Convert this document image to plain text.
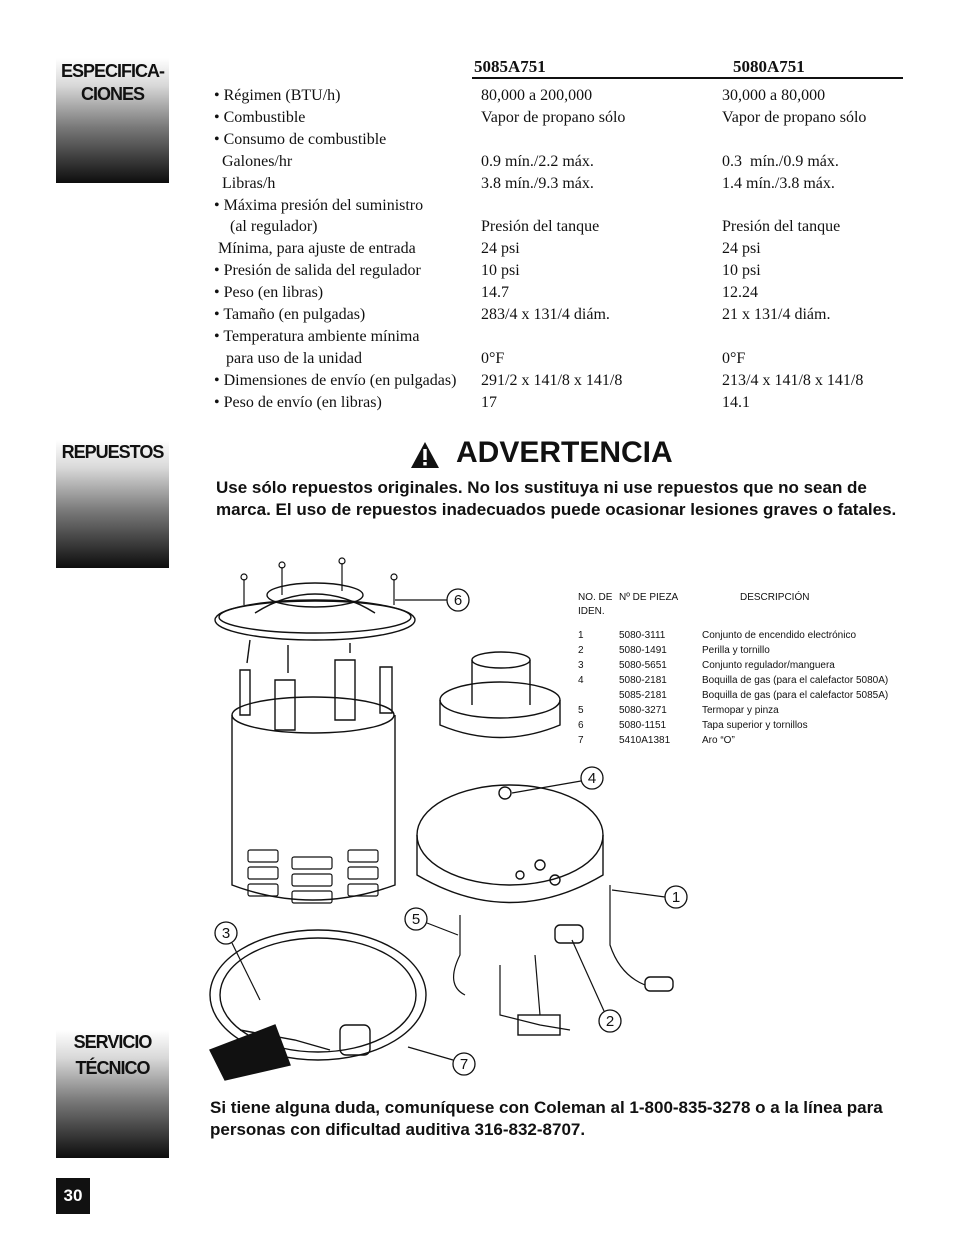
ESPECIFICA-
CIONES
REPUESTOS
SERVICIO
TÉCNICO
5085A751	5080A751
• Régimen (BTU/h)	80,000 a 200,000	30,000 a 80,000
• Combustible	Vapor de propano sólo	Vapor de propano sólo
• Consumo de combustible
Galones/hr	0.9 mín./2.2 máx.	0.3  mín./0.9 máx.
Libras/h	3.8 mín./9.3 máx.	1.4 mín./3.8 máx.
• Máxima presión del suministro
(al regulador)	Presión del tanque	Presión del tanque
Mínima, para ajuste de entrada	24 psi	24 psi
• Presión de salida del regulador	10 psi	10 psi
• Peso (en libras)	14.7	12.24
• Tamaño (en pulgadas)	283/4 x 131/4 diám.	21 x 131/4 diám.
• Temperatura ambiente mínima
para uso de la unidad	0°F	0°F
• Dimensiones de envío (en pulgadas) 291/2 x 141/8 x 141/8	213/4 x 141/8 x 141/8
• Peso de envío (en libras)	17	14.1
ADVERTENCIA
Use sólo repuestos originales. No los sustituya ni use repuestos que no sean de marca. El uso de repuestos inadecuados puede ocasionar lesiones graves o fatales.
6
4
1
3
5
2
7
NO. DE
IDEN.
Nº DE PIEZA	DESCRIPCIÓN
1	5080-3111	Conjunto de encendido electrónico
2	5080-1491	Perilla y tornillo
3	5080-5651	Conjunto regulador/manguera
4	5080-2181	Boquilla de gas (para el calefactor 5080A)
5085-2181	Boquilla de gas (para el calefactor 5085A)
5	5080-3271	Termopar y pinza
6	5080-1151	Tapa superior y tornillos
7	5410A1381	Aro “O”
Si tiene alguna duda, comuníquese con Coleman al 1-800-835-3278 o a la línea para personas con dificultad auditiva 316-832-8707.
30
